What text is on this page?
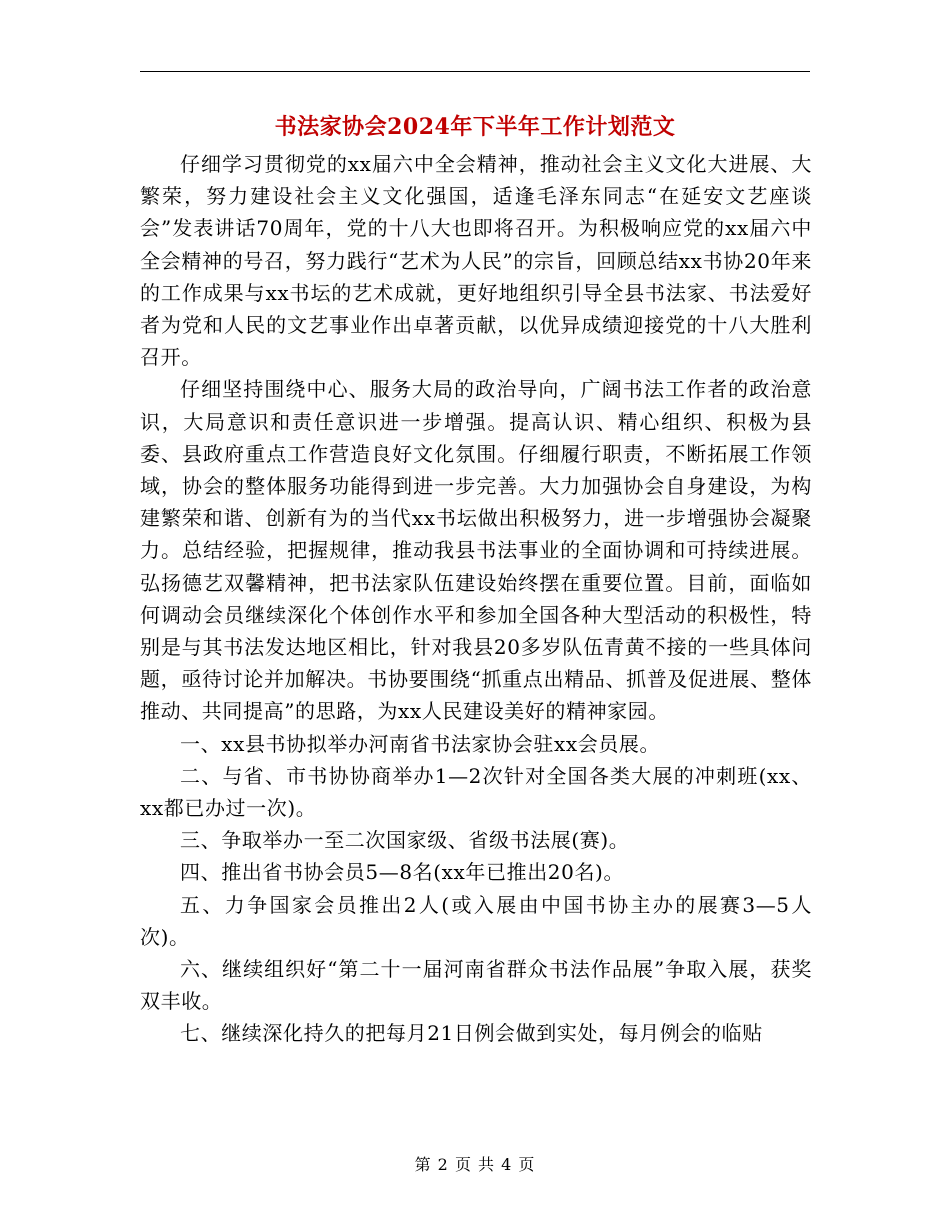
书法家协会2024年下半年工作计划范文

仔细学习贯彻党的xx届六中全会精神，推动社会主义文化大进展、大繁荣，努力建设社会主义文化强国，适逢毛泽东同志“在延安文艺座谈会”发表讲话70周年，党的十八大也即将召开。为积极响应党的xx届六中全会精神的号召，努力践行“艺术为人民”的宗旨，回顾总结xx书协20年来的工作成果与xx书坛的艺术成就，更好地组织引导全县书法家、书法爱好者为党和人民的文艺事业作出卓著贡献，以优异成绩迎接党的十八大胜利召开。

仔细坚持围绕中心、服务大局的政治导向，广阔书法工作者的政治意识，大局意识和责任意识进一步增强。提高认识、精心组织、积极为县委、县政府重点工作营造良好文化氛围。仔细履行职责，不断拓展工作领域，协会的整体服务功能得到进一步完善。大力加强协会自身建设，为构建繁荣和谐、创新有为的当代xx书坛做出积极努力，进一步增强协会凝聚力。总结经验，把握规律，推动我县书法事业的全面协调和可持续进展。弘扬德艺双馨精神，把书法家队伍建设始终摆在重要位置。目前，面临如何调动会员继续深化个体创作水平和参加全国各种大型活动的积极性，特别是与其书法发达地区相比，针对我县20多岁队伍青黄不接的一些具体问题，亟待讨论并加解决。书协要围绕“抓重点出精品、抓普及促进展、整体推动、共同提高”的思路，为xx人民建设美好的精神家园。

一、xx县书协拟举办河南省书法家协会驻xx会员展。

二、与省、市书协协商举办1—2次针对全国各类大展的冲刺班(xx、xx都已办过一次)。

三、争取举办一至二次国家级、省级书法展(赛)。

四、推出省书协会员5—8名(xx年已推出20名)。

五、力争国家会员推出2人(或入展由中国书协主办的展赛3—5人次)。

六、继续组织好“第二十一届河南省群众书法作品展”争取入展，获奖双丰收。

七、继续深化持久的把每月21日例会做到实处，每月例会的临贴

第 2 页 共 4 页
